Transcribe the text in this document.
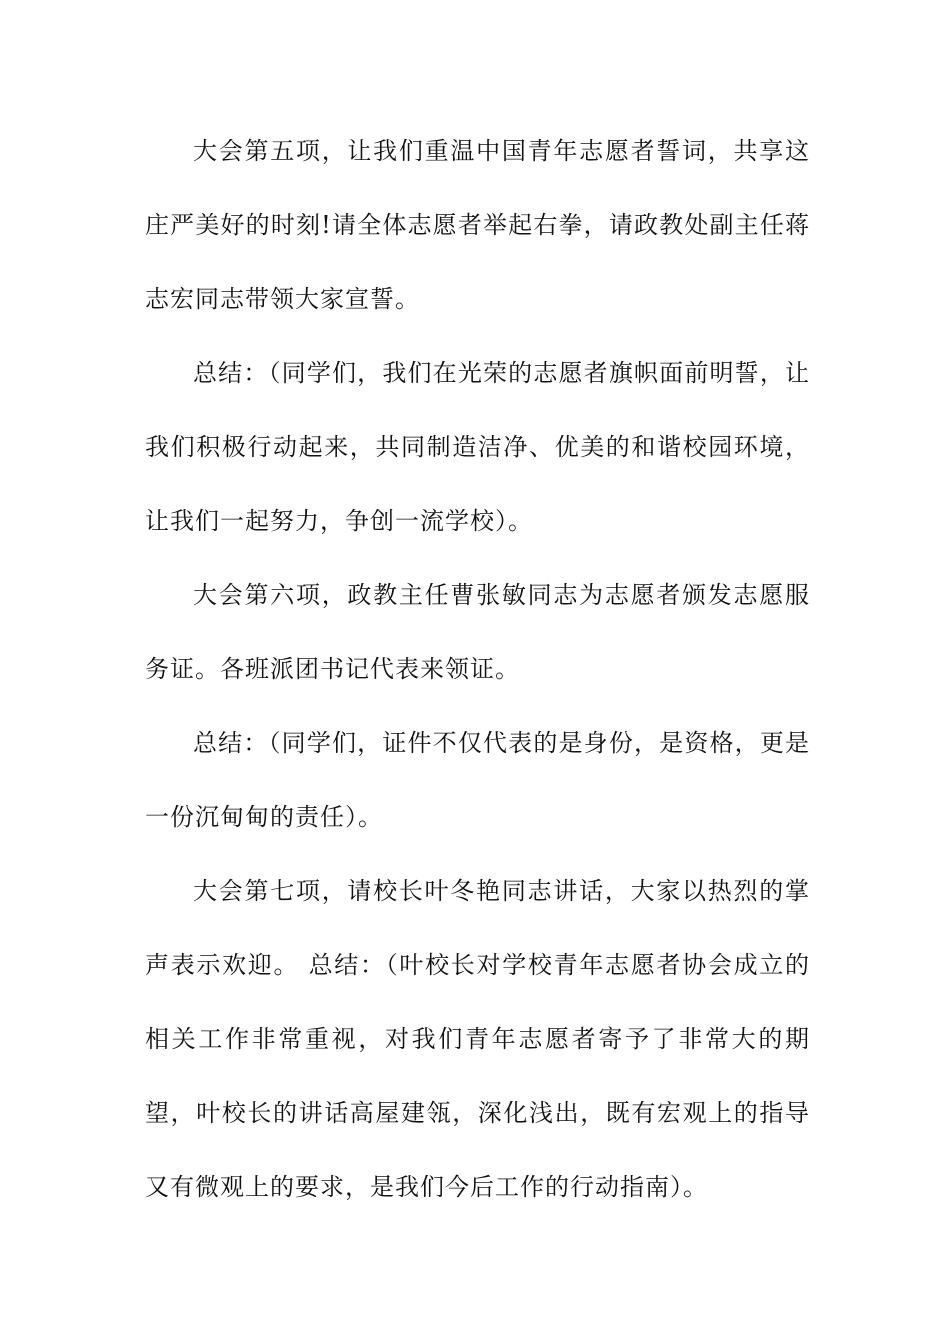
大会第五项，让我们重温中国青年志愿者誓词，共享这庄严美好的时刻!请全体志愿者举起右拳，请政教处副主任蒋志宏同志带领大家宣誓。

总结：（同学们，我们在光荣的志愿者旗帜面前明誓，让我们积极行动起来，共同制造洁净、优美的和谐校园环境，让我们一起努力，争创一流学校）。

大会第六项，政教主任曹张敏同志为志愿者颁发志愿服务证。各班派团书记代表来领证。

总结：（同学们，证件不仅代表的是身份，是资格，更是一份沉甸甸的责任）。

大会第七项，请校长叶冬艳同志讲话，大家以热烈的掌声表示欢迎。 总结：（叶校长对学校青年志愿者协会成立的相关工作非常重视，对我们青年志愿者寄予了非常大的期望，叶校长的讲话高屋建瓴，深化浅出，既有宏观上的指导又有微观上的要求，是我们今后工作的行动指南）。
